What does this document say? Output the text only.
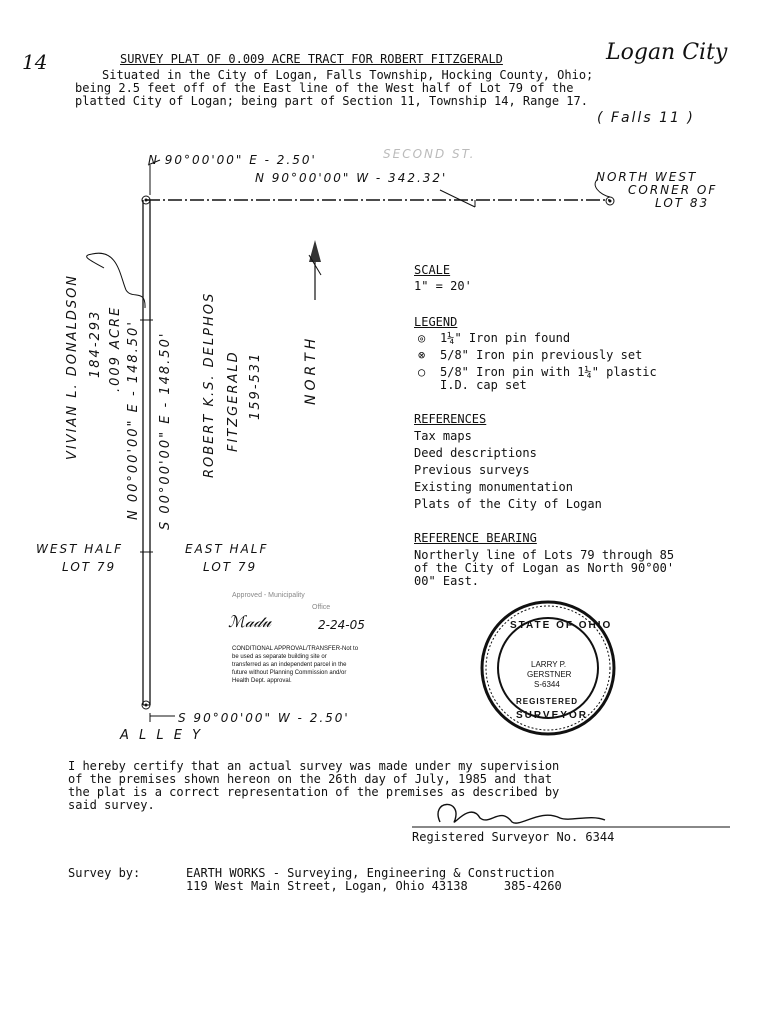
14	SURVEY PLAT OF 0.009 ACRE TRACT FOR ROBERT FITZGERALD	Logan City
Situated in the City of Logan, Falls Township, Hocking County, Ohio;
being 2.5 feet off of the East line of the West half of Lot 79 of the
platted City of Logan; being part of Section 11, Township 14, Range 17.
( Falls 11 )
N 90°00'00" E - 2.50'	SECOND ST.
N 90°00'00" W - 342.32'	NORTH WEST
CORNER OF
LOT 83
VIVIAN L. DONALDSON 184-293 .009 ACRE N 00°00'00" E - 148.50' S 00°00'00" E - 148.50' ROBERT K.S. DELPHOS FITZGERALD 159-531	NORTH
WEST HALF
LOT 79
EAST HALF
LOT 79
S 90°00'00" W - 2.50'
A L L E Y
Approved - Municipality
Office
ℳ𝒶𝒹𝓊	2-24-05
CONDITIONAL APPROVAL/TRANSFER-Not to
be used as separate building site or
transferred as an independent parcel in the
future without Planning Commission and/or
Health Dept. approval.
SCALE
1" = 20'
LEGEND
◎ 1¼" Iron pin found
⊗ 5/8" Iron pin previously set
○ 5/8" Iron pin with 1¼" plastic
I.D. cap set
REFERENCES
Tax maps
Deed descriptions
Previous surveys
Existing monumentation
Plats of the City of Logan
REFERENCE BEARING
Northerly line of Lots 79 through 85
of the City of Logan as North 90°00'
00" East.
STATE OF OHIO
LARRY P.
GERSTNER
S-6344
REGISTERED
SURVEYOR
I hereby certify that an actual survey was made under my supervision
of the premises shown hereon on the 26th day of July, 1985 and that
the plat is a correct representation of the premises as described by
said survey.
Registered Surveyor No. 6344
Survey by:	EARTH WORKS - Surveying, Engineering & Construction
119 West Main Street, Logan, Ohio 43138     385-4260
